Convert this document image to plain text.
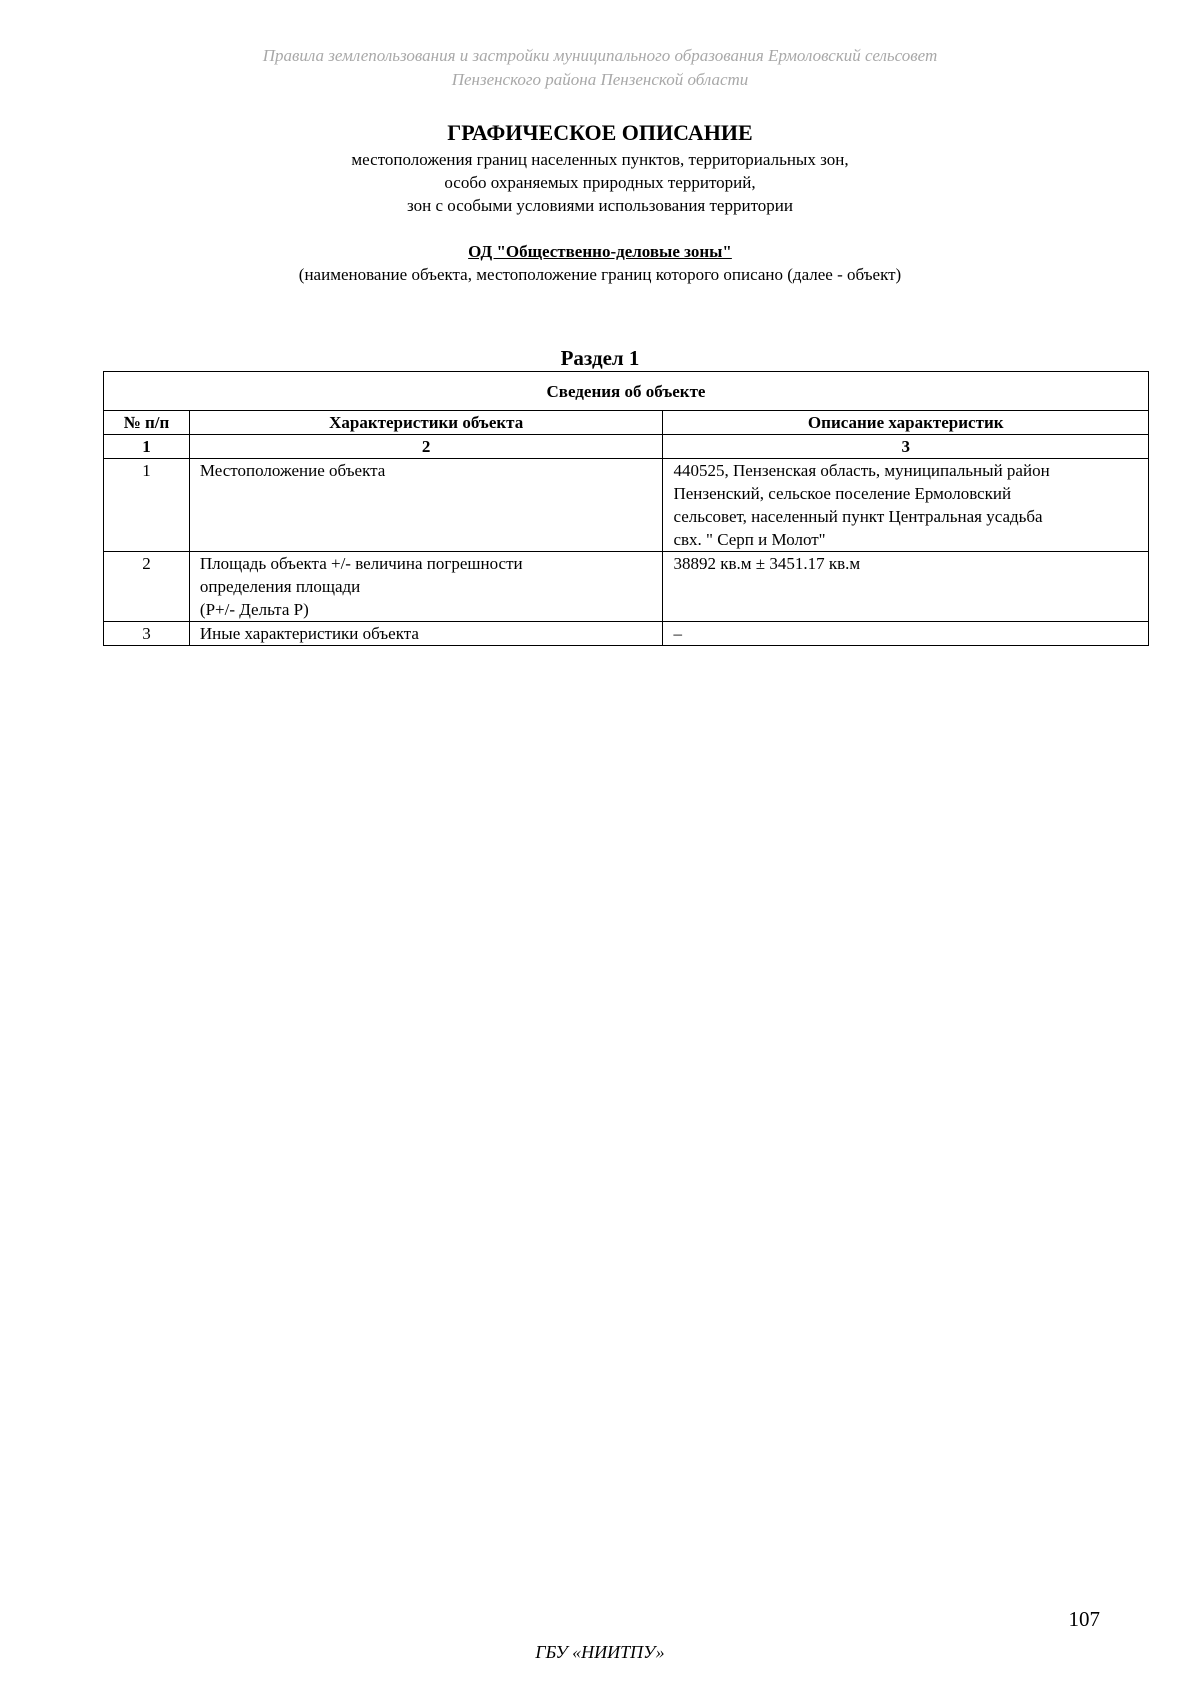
Правила землепользования и застройки муниципального образования Ермоловский сельсовет
Пензенского района Пензенской области
ГРАФИЧЕСКОЕ ОПИСАНИЕ
местоположения границ населенных пунктов, территориальных зон,
особо охраняемых природных территорий,
зон с особыми условиями использования территории
ОД "Общественно-деловые зоны"
(наименование объекта, местоположение границ которого описано (далее - объект)
Раздел 1
Сведения об объекте		
№ п/п	Характеристики объекта	Описание характеристик
1	2	3
1	Местоположение объекта	440525, Пензенская область, муниципальный район
Пензенский, сельское поселение Ермоловский
сельсовет, населенный пункт Центральная усадьба
свх. " Серп и Молот"

2	Площадь объекта +/- величина погрешности
определения площади
(P+/- Дельта P)	38892 кв.м ± 3451.17 кв.м

3	Иные характеристики объекта	–
107
ГБУ «НИИТПУ»
